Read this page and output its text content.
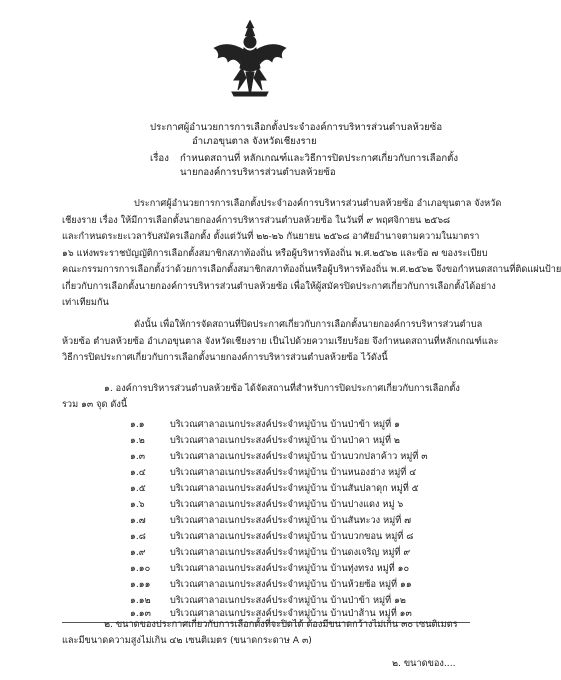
ประกาศผู้อำนวยการการเลือกตั้งประจำองค์การบริหารส่วนตำบลห้วยซ้อ
อำเภอขุนตาล จังหวัดเชียงราย
เรื่อง กำหนดสถานที่ หลักเกณฑ์และวิธีการปิดประกาศเกี่ยวกับการเลือกตั้ง
นายกองค์การบริหารส่วนตำบลห้วยซ้อ
ประกาศผู้อำนวยการการเลือกตั้งประจำองค์การบริหารส่วนตำบลห้วยซ้อ อำเภอขุนตาล จังหวัด
เชียงราย เรื่อง ให้มีการเลือกตั้งนายกองค์การบริหารส่วนตำบลห้วยซ้อ ในวันที่ ๙ พฤศจิกายน ๒๕๖๘
และกำหนดระยะเวลารับสมัครเลือกตั้ง ตั้งแต่วันที่ ๒๒-๒๖ กันยายน ๒๕๖๘ อาศัยอำนาจตามความในมาตรา
๑๖ แห่งพระราชบัญญัติการเลือกตั้งสมาชิกสภาท้องถิ่น หรือผู้บริหารท้องถิ่น พ.ศ.๒๕๖๒ และข้อ ๗ ของระเบียบ
คณะกรรมการการเลือกตั้งว่าด้วยการเลือกตั้งสมาชิกสภาท้องถิ่นหรือผู้บริหารท้องถิ่น พ.ศ.๒๕๖๒ จึงขอกำหนดสถานที่ติดแผ่นป้าย
เกี่ยวกับการเลือกตั้งนายกองค์การบริหารส่วนตำบลห้วยซ้อ เพื่อให้ผู้สมัครปิดประกาศเกี่ยวกับการเลือกตั้งได้อย่าง
เท่าเทียมกัน
ดังนั้น เพื่อให้การจัดสถานที่ปิดประกาศเกี่ยวกับการเลือกตั้งนายกองค์การบริหารส่วนตำบล
ห้วยซ้อ ตำบลห้วยซ้อ อำเภอขุนตาล จังหวัดเชียงราย เป็นไปด้วยความเรียบร้อย จึงกำหนดสถานที่หลักเกณฑ์และ
วิธีการปิดประกาศเกี่ยวกับการเลือกตั้งนายกองค์การบริหารส่วนตำบลห้วยซ้อ ไว้ดังนี้
๑. องค์การบริหารส่วนตำบลห้วยซ้อ ได้จัดสถานที่สำหรับการปิดประกาศเกี่ยวกับการเลือกตั้ง
รวม ๑๓ จุด ดังนี้
๑.๑	บริเวณศาลาอเนกประสงค์ประจำหมู่บ้าน บ้านป่าข้า หมู่ที่ ๑
๑.๒	บริเวณศาลาอเนกประสงค์ประจำหมู่บ้าน บ้านป่าคา หมู่ที่ ๒
๑.๓	บริเวณศาลาอเนกประสงค์ประจำหมู่บ้าน บ้านบวกปลาค้าว หมู่ที่ ๓
๑.๔	บริเวณศาลาอเนกประสงค์ประจำหมู่บ้าน บ้านหนองฮ่าง หมู่ที่ ๔
๑.๕	บริเวณศาลาอเนกประสงค์ประจำหมู่บ้าน บ้านสันปลาดุก หมู่ที่ ๕
๑.๖	บริเวณศาลาอเนกประสงค์ประจำหมู่บ้าน บ้านปางแดง หมู่ ๖
๑.๗	บริเวณศาลาอเนกประสงค์ประจำหมู่บ้าน บ้านสันทะวง หมู่ที่ ๗
๑.๘	บริเวณศาลาอเนกประสงค์ประจำหมู่บ้าน บ้านบวกขอน หมู่ที่ ๘
๑.๙	บริเวณศาลาอเนกประสงค์ประจำหมู่บ้าน บ้านดงเจริญ หมู่ที่ ๙
๑.๑๐ บริเวณศาลาอเนกประสงค์ประจำหมู่บ้าน บ้านทุ่งทรง หมู่ที่ ๑๐
๑.๑๑ บริเวณศาลาอเนกประสงค์ประจำหมู่บ้าน บ้านห้วยซ้อ หมู่ที่ ๑๑
๑.๑๒ บริเวณศาลาอเนกประสงค์ประจำหมู่บ้าน บ้านป่าข้า หมู่ที่ ๑๒
๑.๑๓ บริเวณศาลาอเนกประสงค์ประจำหมู่บ้าน บ้านป่าส้าน หมู่ที่ ๑๓
๒. ขนาดของประกาศเกี่ยวกับการเลือกตั้งที่จะปิดได้ ต้องมีขนาดกว้างไม่เกิน ๓๐ เซนติเมตร
และมีขนาดความสูงไม่เกิน ๔๒ เซนติเมตร (ขนาดกระดาษ A ๓)
๒. ขนาดของ....
